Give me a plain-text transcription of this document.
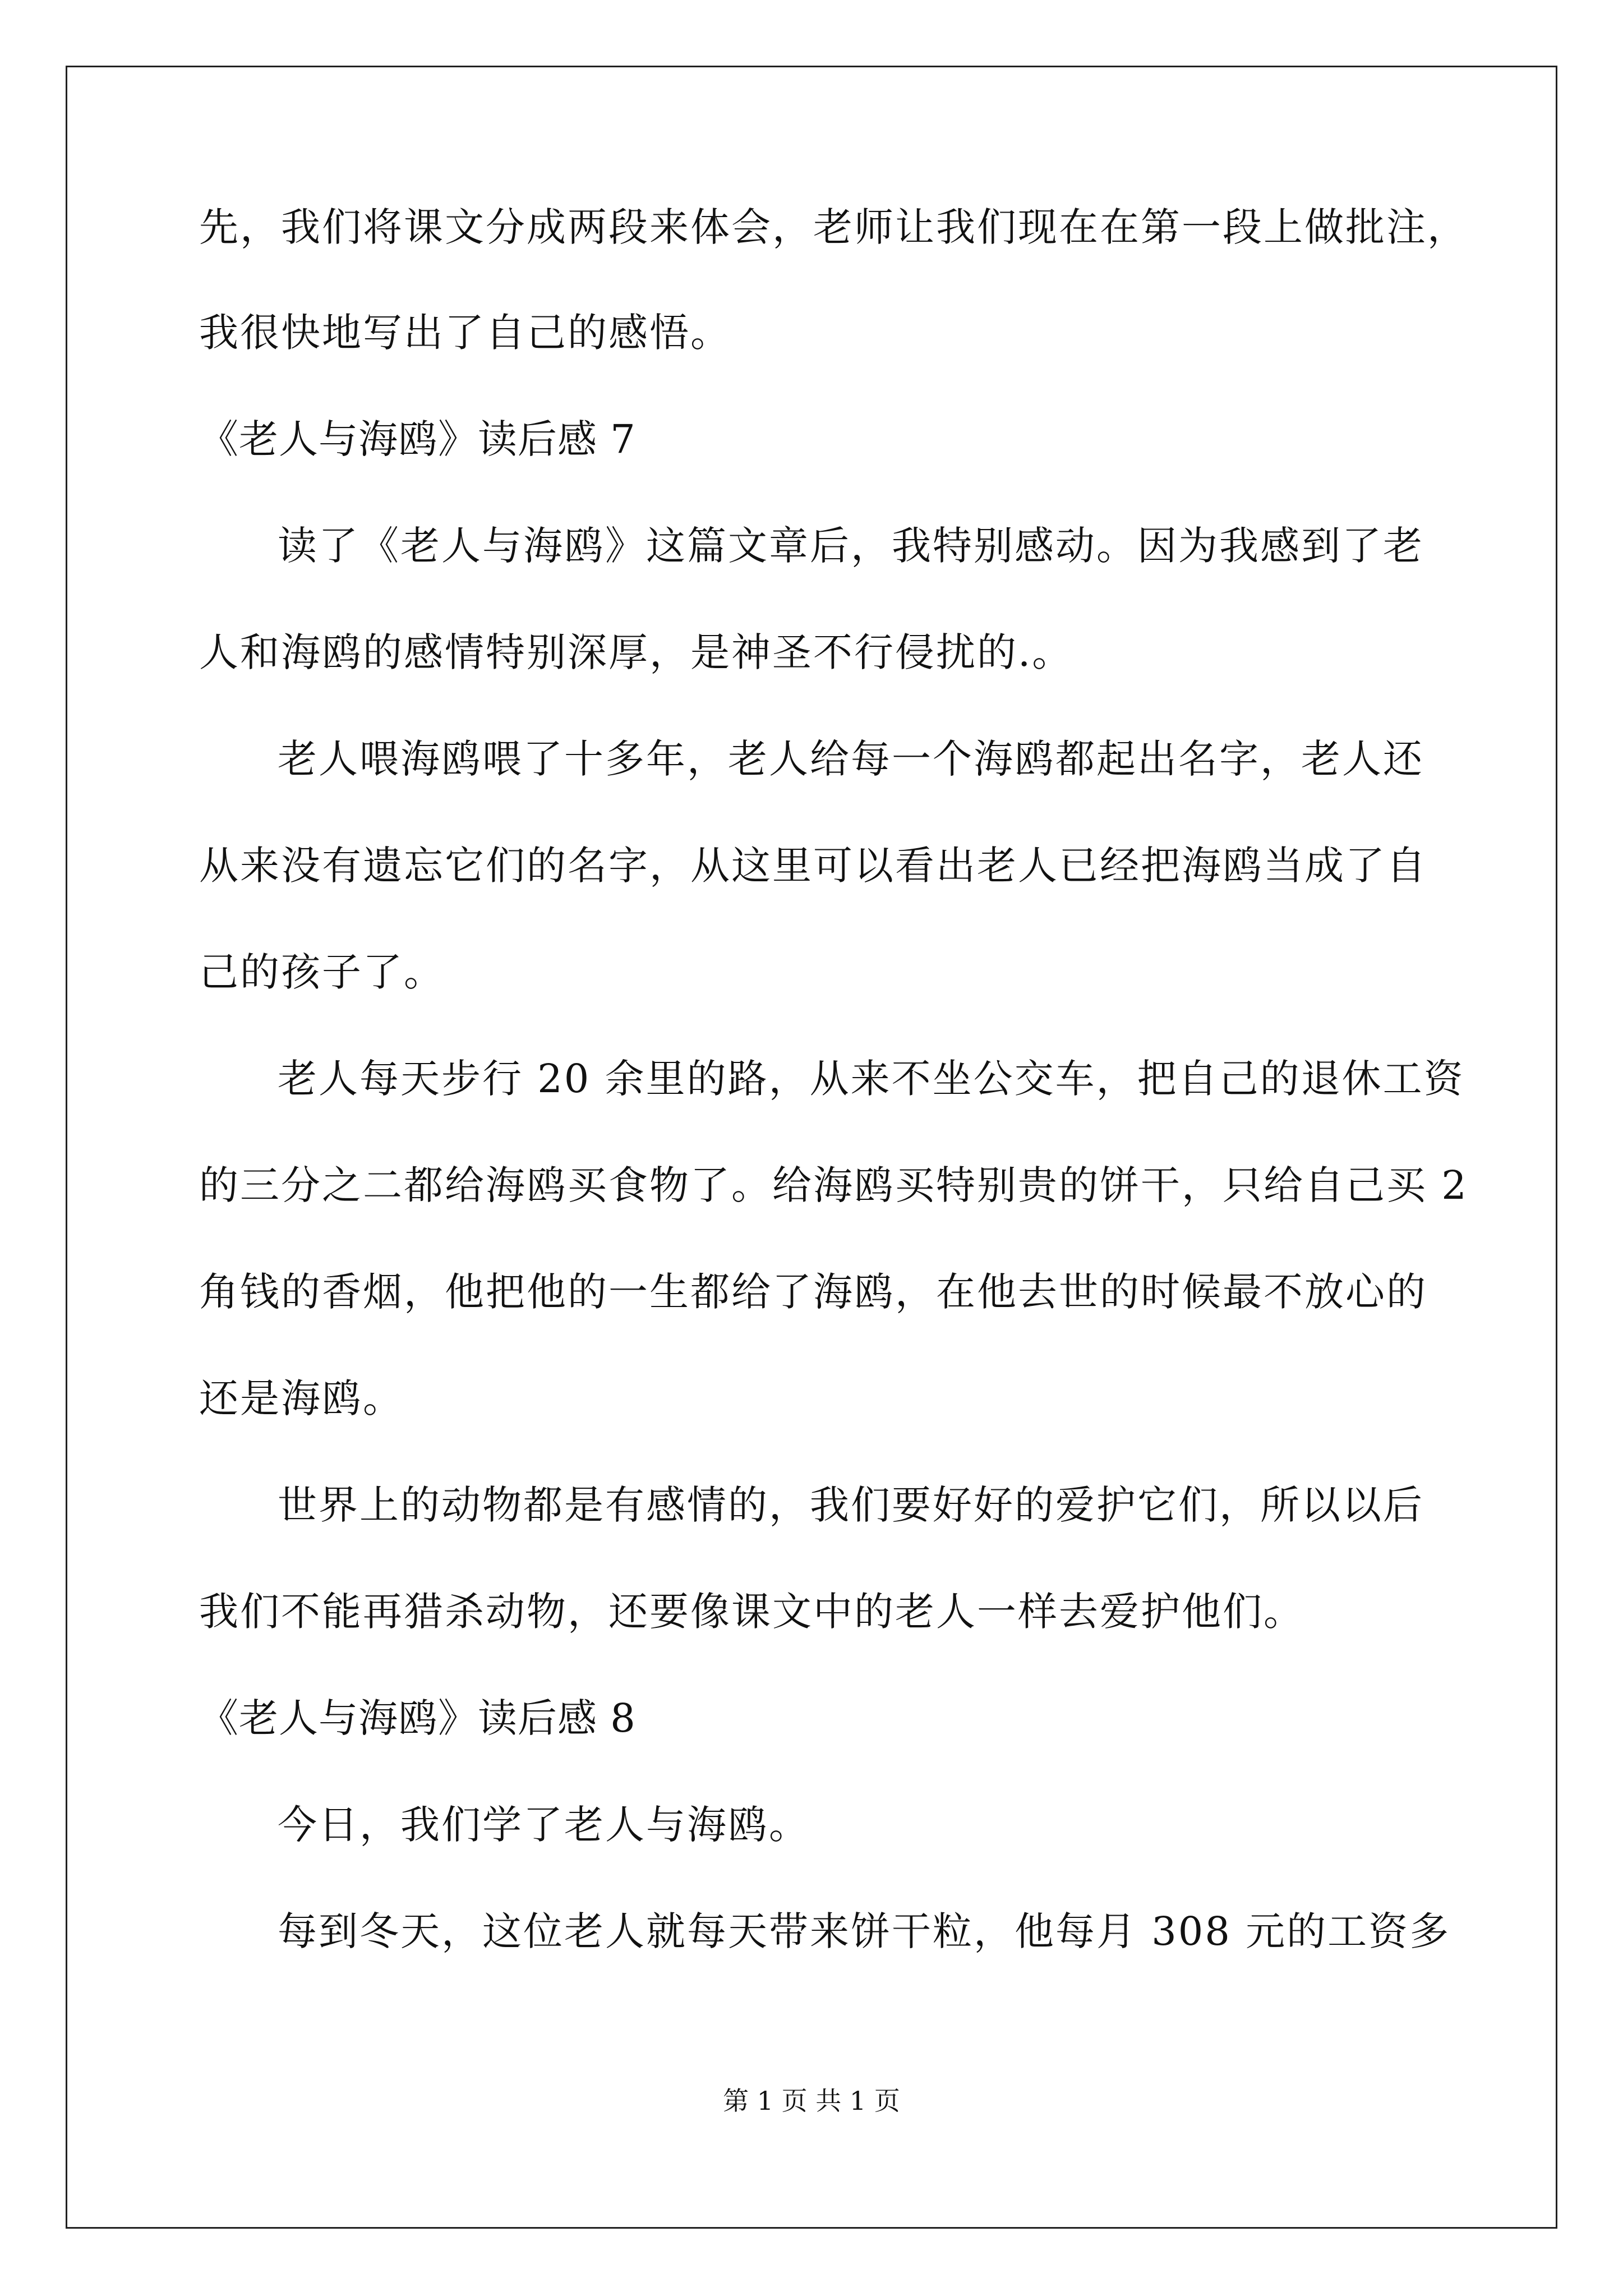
先，我们将课文分成两段来体会，老师让我们现在在第一段上做批注，
我很快地写出了自己的感悟。
《老人与海鸥》读后感 7
读了《老人与海鸥》这篇文章后，我特别感动。因为我感到了老
人和海鸥的感情特别深厚，是神圣不行侵扰的.。
老人喂海鸥喂了十多年，老人给每一个海鸥都起出名字，老人还
从来没有遗忘它们的名字，从这里可以看出老人已经把海鸥当成了自
己的孩子了。
老人每天步行 20 余里的路，从来不坐公交车，把自己的退休工资
的三分之二都给海鸥买食物了。给海鸥买特别贵的饼干，只给自己买 2
角钱的香烟，他把他的一生都给了海鸥，在他去世的时候最不放心的
还是海鸥。
世界上的动物都是有感情的，我们要好好的爱护它们，所以以后
我们不能再猎杀动物，还要像课文中的老人一样去爱护他们。
《老人与海鸥》读后感 8
今日，我们学了老人与海鸥。
每到冬天，这位老人就每天带来饼干粒，他每月 308 元的工资多
第 1 页 共 1 页
